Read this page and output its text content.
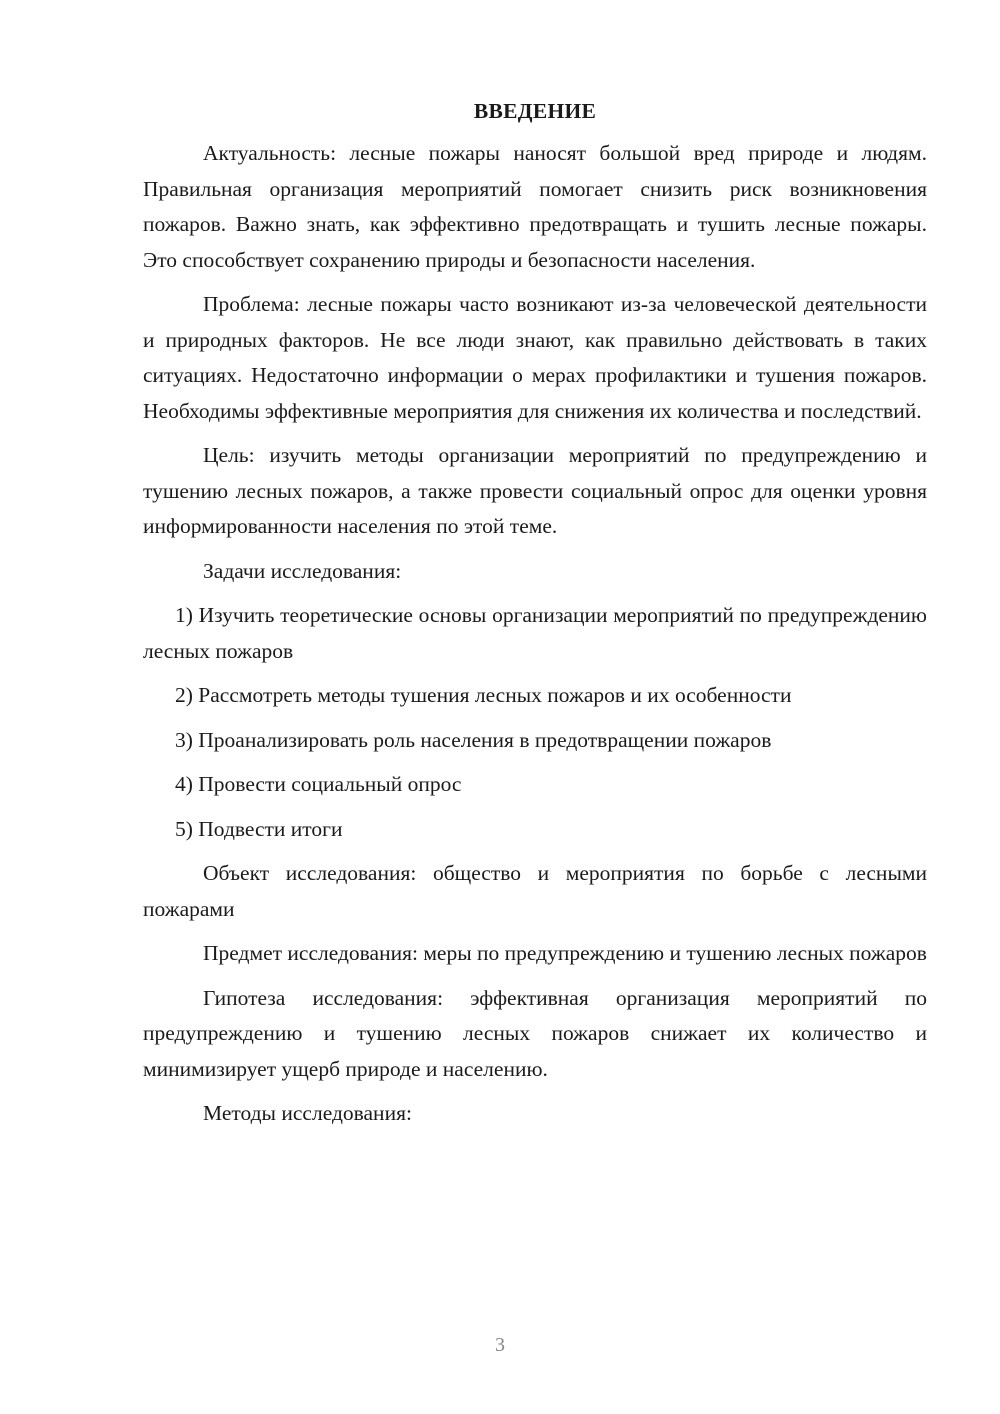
ВВЕДЕНИЕ

Актуальность: лесные пожары наносят большой вред природе и людям. Правильная организация мероприятий помогает снизить риск возникновения пожаров. Важно знать, как эффективно предотвращать и тушить лесные пожары. Это способствует сохранению природы и безопасности населения.

Проблема: лесные пожары часто возникают из-за человеческой деятельности и природных факторов. Не все люди знают, как правильно действовать в таких ситуациях. Недостаточно информации о мерах профилактики и тушения пожаров. Необходимы эффективные мероприятия для снижения их количества и последствий.

Цель: изучить методы организации мероприятий по предупреждению и тушению лесных пожаров, а также провести социальный опрос для оценки уровня информированности населения по этой теме.

Задачи исследования:

1) Изучить теоретические основы организации мероприятий по предупреждению лесных пожаров
2) Рассмотреть методы тушения лесных пожаров и их особенности
3) Проанализировать роль населения в предотвращении пожаров
4) Провести социальный опрос
5) Подвести итоги

Объект исследования: общество и мероприятия по борьбе с лесными пожарами

Предмет исследования: меры по предупреждению и тушению лесных пожаров

Гипотеза исследования: эффективная организация мероприятий по предупреждению и тушению лесных пожаров снижает их количество и минимизирует ущерб природе и населению.

Методы исследования:

3
